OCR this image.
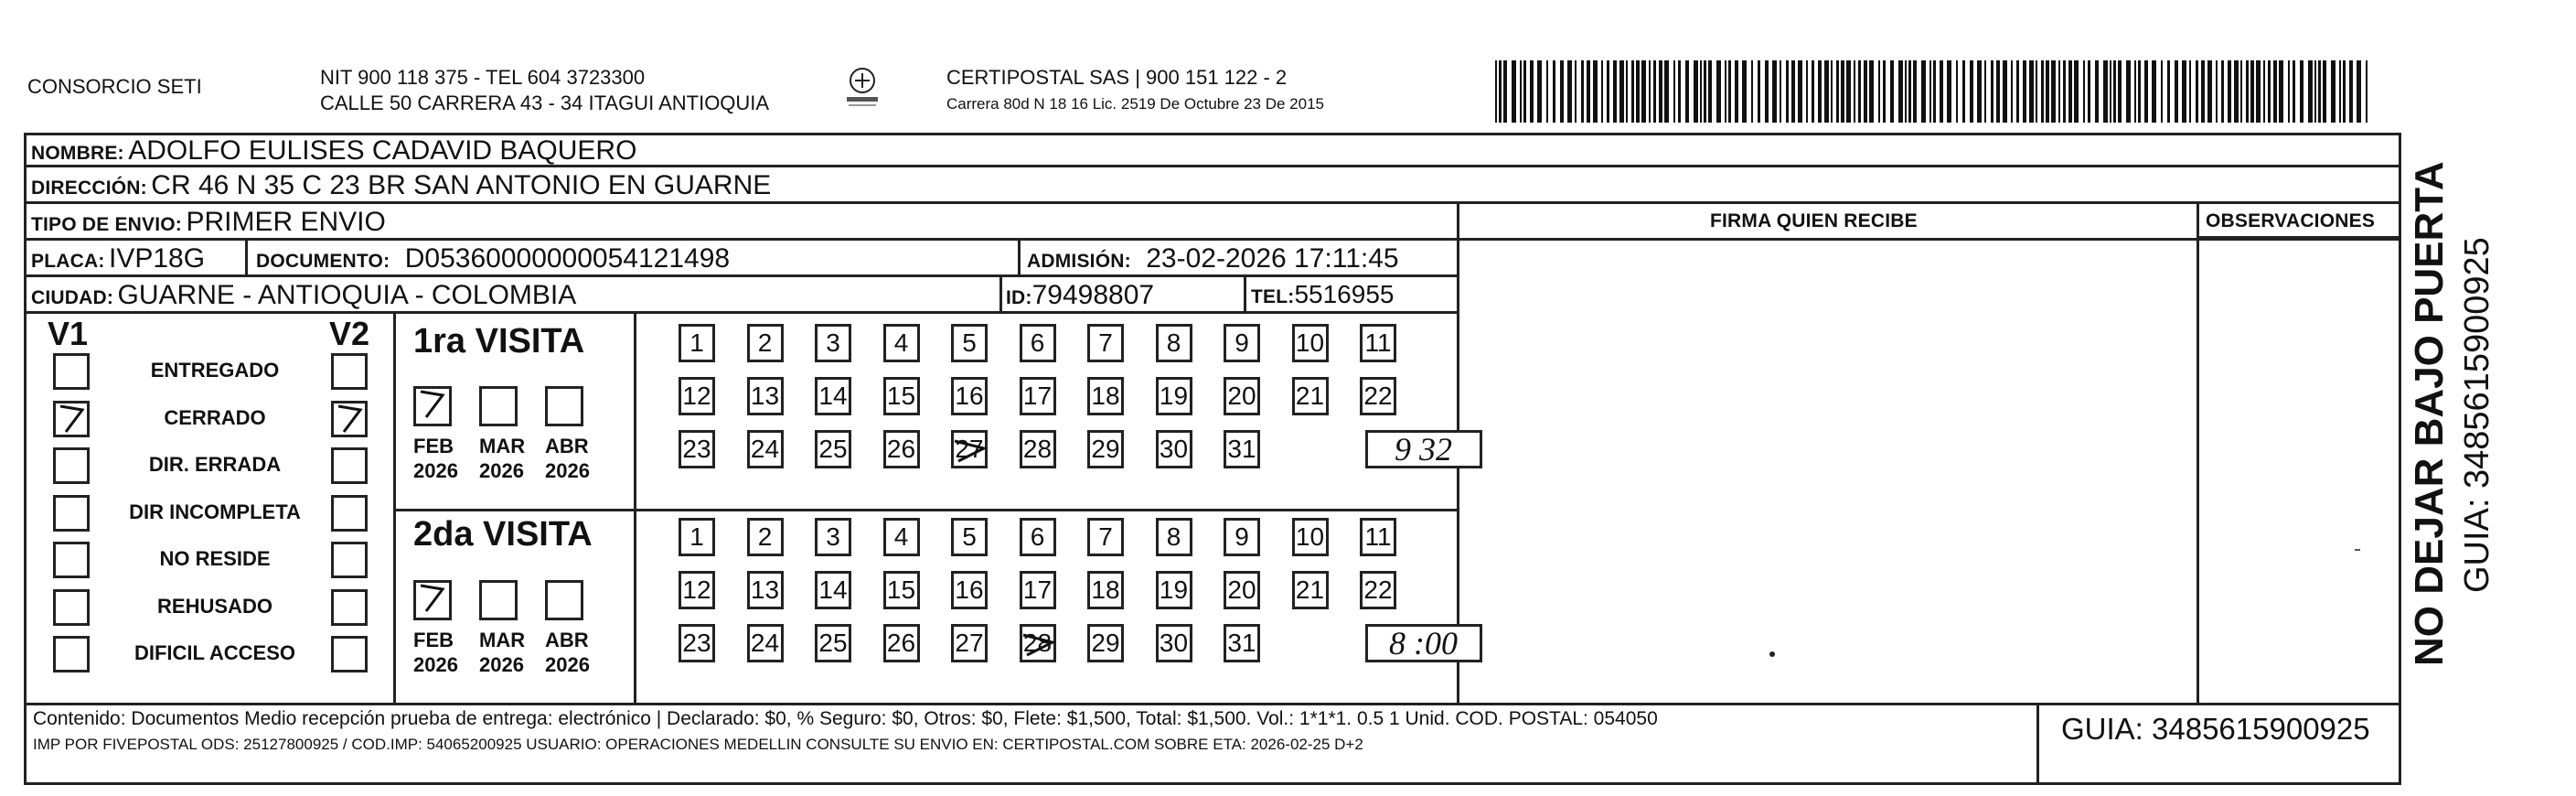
CONSORCIO SETI	NIT 900 118 375 - TEL 604 3723300
CALLE 50 CARRERA 43 - 34 ITAGUI ANTIOQUIA
CERTIPOSTAL SAS | 900 151 122 - 2
Carrera 80d N 18 16 Lic. 2519 De Octubre 23 De 2015
NOMBRE: ADOLFO EULISES CADAVID BAQUERO
DIRECCIÓN: CR 46 N 35 C 23 BR SAN ANTONIO EN GUARNE
TIPO DE ENVIO: PRIMER ENVIO	FIRMA QUIEN RECIBE	OBSERVACIONES
PLACA: IVP18G	DOCUMENTO: D05360000000054121498	ADMISIÓN: 23-02-2026 17:11:45
CIUDAD: GUARNE - ANTIOQUIA - COLOMBIA	ID:79498807	TEL:5516955
V1	V2
ENTREGADO
CERRADO
DIR. ERRADA
DIR INCOMPLETA
NO RESIDE
REHUSADO
DIFICIL ACCESO
1ra VISITA
2da VISITA
FEB
2026
MAR
2026
ABR
2026
FEB
2026
MAR
2026
ABR
2026
1	2	3	4	5	6	7	8	9	10 11
12 13 14 15 16 17 18 19 20 21 22
23 24 25 26 27 28 29 30 31	9 32
1	2	3	4	5	6	7	8	9	10 11
12 13 14 15 16 17 18 19 20 21 22
23 24 25 26 27 28 29 30 31	8 :00
Contenido: Documentos Medio recepción prueba de entrega: electrónico | Declarado: $0, % Seguro: $0, Otros: $0, Flete: $1,500, Total: $1,500. Vol.: 1*1*1. 0.5 1 Unid. COD. POSTAL: 054050
IMP POR FIVEPOSTAL ODS: 25127800925 / COD.IMP: 54065200925 USUARIO: OPERACIONES MEDELLIN CONSULTE SU ENVIO EN: CERTIPOSTAL.COM SOBRE ETA: 2026-02-25 D+2	GUIA: 3485615900925
NO DEJAR BAJO PUERTA GUIA: 3485615900925
